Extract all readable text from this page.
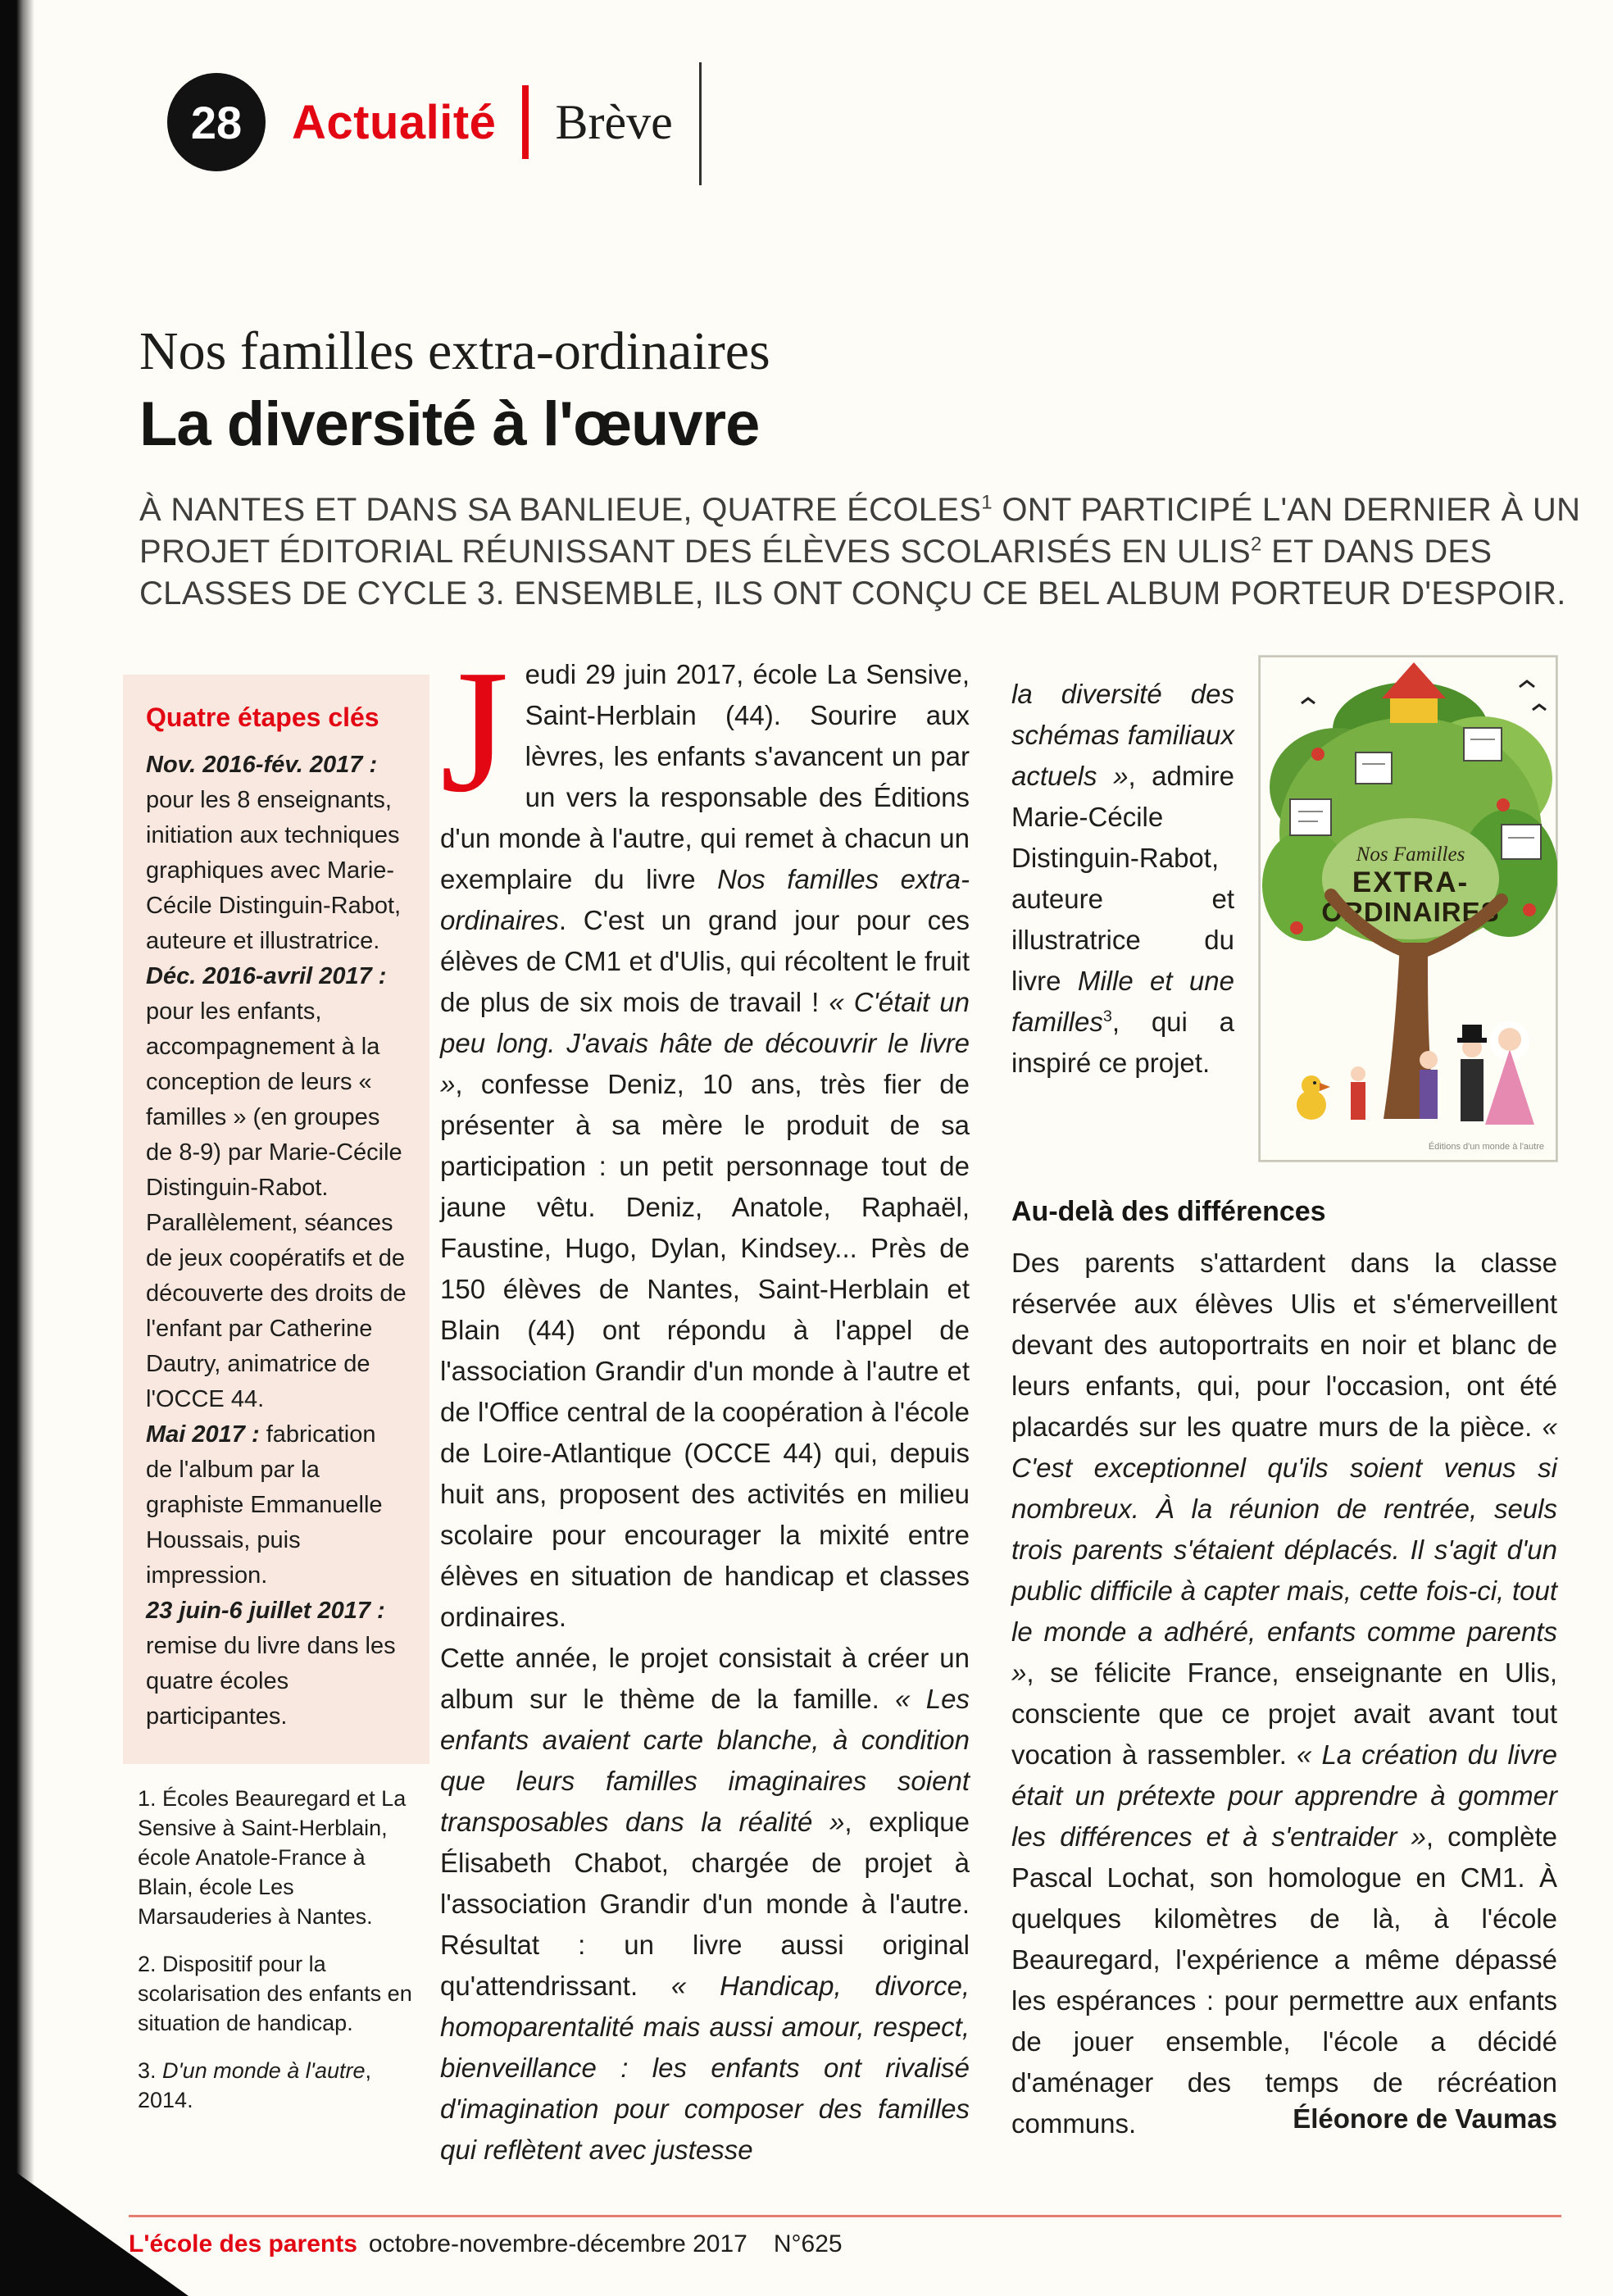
28 Actualité Brève
Nos familles extra-ordinaires
La diversité à l'œuvre

À NANTES ET DANS SA BANLIEUE, QUATRE ÉCOLES$^1$ ONT PARTICIPÉ L'AN DERNIER À UN PROJET ÉDITORIAL RÉUNISSANT DES ÉLÈVES SCOLARISÉS EN ULIS$^2$ ET DANS DES CLASSES DE CYCLE 3. ENSEMBLE, ILS ONT CONÇU CE BEL ALBUM PORTEUR D'ESPOIR.

Quatre étapes clés

Nov. 2016-fév. 2017 : pour les 8 enseignants, initiation aux techniques graphiques avec Marie-Cécile Distinguin-Rabot, auteure et illustratrice.

Déc. 2016-avril 2017 : pour les enfants, accompagnement à la conception de leurs « familles » (en groupes de 8-9) par Marie-Cécile Distinguin-Rabot. Parallèlement, séances de jeux coopératifs et de découverte des droits de l'enfant par Catherine Dautry, animatrice de l'OCCE 44.

Mai 2017 : fabrication de l'album par la graphiste Emmanuelle Houssais, puis impression.

23 juin-6 juillet 2017 : remise du livre dans les quatre écoles participantes.

1. Écoles Beauregard et La Sensive à Saint-Herblain, école Anatole-France à Blain, école Les Marsauderies à Nantes.

2. Dispositif pour la scolarisation des enfants en situation de handicap.

3. D'un monde à l'autre, 2014.

Jeudi 29 juin 2017, école La Sensive, Saint-Herblain (44). Sourire aux lèvres, les enfants s'avancent un par un vers la responsable des Éditions d'un monde à l'autre, qui remet à chacun un exemplaire du livre Nos familles extra-ordinaires. C'est un grand jour pour ces élèves de CM1 et d'Ulis, qui récoltent le fruit de plus de six mois de travail ! « C'était un peu long. J'avais hâte de découvrir le livre », confesse Deniz, 10 ans, très fier de présenter à sa mère le produit de sa participation : un petit personnage tout de jaune vêtu. Deniz, Anatole, Raphaël, Faustine, Hugo, Dylan, Kindsey... Près de 150 élèves de Nantes, Saint-Herblain et Blain (44) ont répondu à l'appel de l'association Grandir d'un monde à l'autre et de l'Office central de la coopération à l'école de Loire-Atlantique (OCCE 44) qui, depuis huit ans, proposent des activités en milieu scolaire pour encourager la mixité entre élèves en situation de handicap et classes ordinaires.

Cette année, le projet consistait à créer un album sur le thème de la famille. « Les enfants avaient carte blanche, à condition que leurs familles imaginaires soient transposables dans la réalité », explique Élisabeth Chabot, chargée de projet à l'association Grandir d'un monde à l'autre. Résultat : un livre aussi original qu'attendrissant. « Handicap, divorce, homoparentalité mais aussi amour, respect, bienveillance : les enfants ont rivalisé d'imagination pour composer des familles qui reflètent avec justesse

la diversité des schémas familiaux actuels », admire Marie-Cécile Distinguin-Rabot, auteure et illustratrice du livre Mille et une familles$^3$, qui a inspiré ce projet.

Nos Familles
EXTRA-
ORDINAIRES
Éditions d'un monde à l'autre
Au-delà des différences

Des parents s'attardent dans la classe réservée aux élèves Ulis et s'émerveillent devant des autoportraits en noir et blanc de leurs enfants, qui, pour l'occasion, ont été placardés sur les quatre murs de la pièce. « C'est exceptionnel qu'ils soient venus si nombreux. À la réunion de rentrée, seuls trois parents s'étaient déplacés. Il s'agit d'un public difficile à capter mais, cette fois-ci, tout le monde a adhéré, enfants comme parents », se félicite France, enseignante en Ulis, consciente que ce projet avait avant tout vocation à rassembler. « La création du livre était un prétexte pour apprendre à gommer les différences et à s'entraider », complète Pascal Lochat, son homologue en CM1. À quelques kilomètres de là, à l'école Beauregard, l'expérience a même dépassé les espérances : pour permettre aux enfants de jouer ensemble, l'école a décidé d'aménager des temps de récréation communs.	Éléonore de Vaumas
L'école des parents octobre-novembre-décembre 2017 N°625
